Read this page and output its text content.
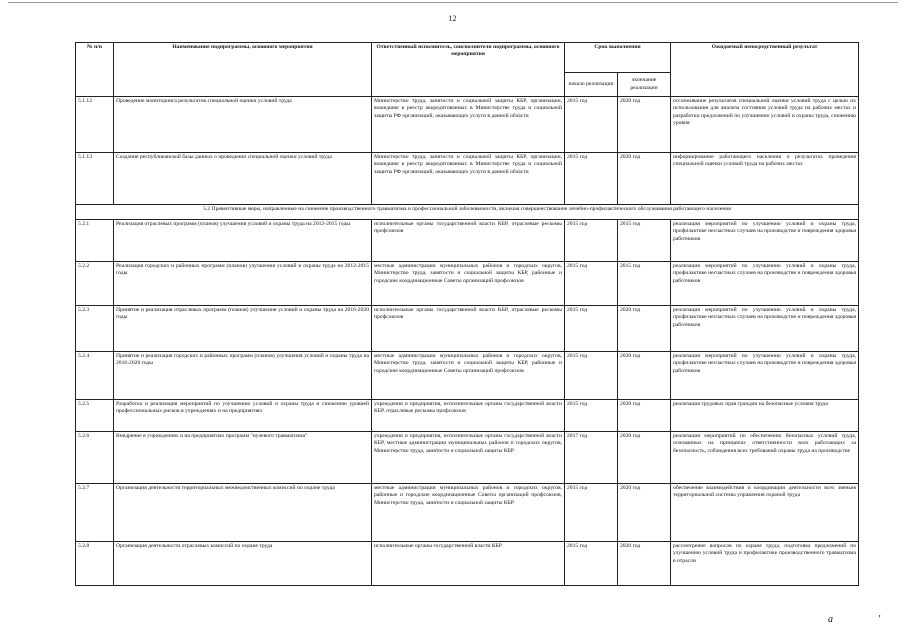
12
№ п/п	Наименование подпрограммы, основного мероприятия	Ответственный исполнитель, соисполнители подпрограммы, основного мероприятия	Срок выполнения		Ожидаемый непосредственный результат
			начало реализации	окончание реализации	
5.1.12	Проведение мониторинга результатов специальной оценки условий труда	Министерство труда, занятости и социальной защиты КБР, организации, вошедшие в реестр аккредитованных в Министерстве труда и социальной защиты РФ организаций, оказывающих услуги в данной области	2015 год	2020 год	отслеживание результатов специальной оценки условий труда с целью их использования для анализа состояния условий труда на рабочих местах и разработки предложений по улучшению условий и охраны труда, снижению уровня
5.1.13	Создание республиканской базы данных о проведении специальной оценки условий труда	Министерство труда, занятости и социальной защиты КБР, организации, вошедшие в реестр аккредитованных в Министерстве труда и социальной защиты РФ организаций, оказывающих услуги в данной области	2015 год	2020 год	информирование работающего населения о результатах проведения специальной оценки условий труда на рабочих местах
5.2 Превентивные меры, направленные на снижение производственного травматизма и профессиональной заболеваемости, включая совершенствование лечебно-профилактического обслуживания работающего населения					
5.2.1	Реализация отраслевых программ (планов) улучшения условий и охраны труда на 2012-2015 годы	исполнительные органы государственной власти КБР, отраслевые рескомы профсоюзов	2015 год	2015 год	реализация мероприятий по улучшению условий и охраны труда, профилактике несчастных случаев на производстве и повреждения здоровья работников
5.2.2	Реализация городских и районных программ (планов) улучшения условий и охраны труда на 2012-2015 годы	местные администрации муниципальных районов и городских округов, Министерство труда, занятости и социальной защиты КБР, районные и городские координационные Советы организаций профсоюзов	2015 год	2015 год	реализация мероприятий по улучшению условий и охраны труда, профилактике несчастных случаев на производстве и повреждения здоровья работников
5.2.3	Принятие и реализация отраслевых программ (планов) улучшения условий и охраны труда на 2016-2020 годы	исполнительные органы государственной власти КБР, отраслевые рескомы профсоюзов	2015 год	2020 год	реализация мероприятий по улучшению условий и охраны труда, профилактике несчастных случаев на производстве и повреждения здоровья работников
5.2.4	Принятие и реализация городских и районных программ (планов) улучшения условий и охраны труда на 2016-2020 годы	местные администрации муниципальных районов и городских округов, Министерство труда, занятости и социальной защиты КБР, районные и городские координационные Советы организаций профсоюзов	2015 год	2020 год	реализация мероприятий по улучшению условий и охраны труда, профилактике несчастных случаев на производстве и повреждения здоровья работников
5.2.5	Разработка и реализация мероприятий по улучшению условий и охраны труда и снижению уровней профессиональных рисков в учреждениях и на предприятиях	учреждения и предприятия, исполнительные органы государственной власти КБР, отраслевые рескомы профсоюзов	2015 год	2020 год	реализация трудовых прав граждан на безопасные условия труда
5.2.6	Внедрение в учреждениях и на предприятиях программ "нулевого травматизма"	учреждения и предприятия, исполнительные органы государственной власти КБР, местные администрации муниципальных районов и городских округов, Министерство труда, занятости и социальной защиты КБР	2017 год	2020 год	реализация мероприятий по обеспечению безопасных условий труда, основанных на принципах ответственности всех работающих за безопасность, соблюдения всех требований охраны труда на производстве
5.2.7	Организация деятельности территориальных межведомственных комиссий по охране труда	местные администрации муниципальных районов и городских округов, районные и городские координационные Советы организаций профсоюзов, Министерство труда, занятости и социальной защиты КБР	2015 год	2020 год	обеспечение взаимодействия и координации деятельности всех звеньев территориальной системы управления охраной труда
5.2.8	Организация деятельности отраслевых комиссий по охране труда	исполнительные органы государственной власти КБР	2015 год	2020 год	рассмотрение вопросов по охране труда, подготовка предложений по улучшению условий труда и профилактике производственного травматизма в отрасли
a	'
